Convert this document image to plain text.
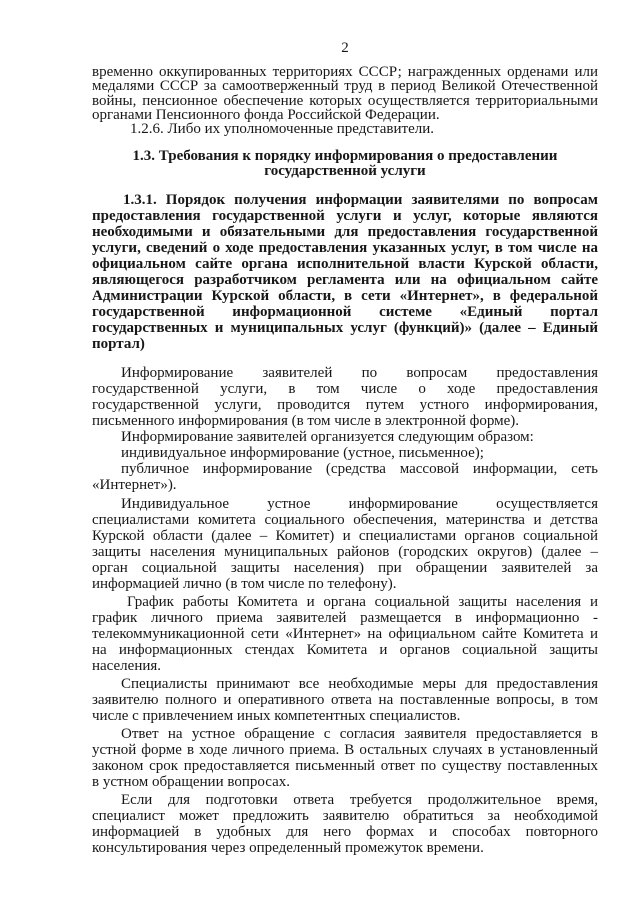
2
временно оккупированных территориях СССР; награжденных орденами или
медалями СССР за самоотверженный труд в период Великой Отечественной
войны, пенсионное обеспечение которых осуществляется территориальными
органами Пенсионного фонда Российской Федерации.
1.2.6. Либо их уполномоченные представители.
1.3. Требования к порядку информирования о предоставлении
государственной услуги
1.3.1. Порядок получения информации заявителями по вопросам
предоставления государственной услуги и услуг, которые являются
необходимыми и обязательными для предоставления государственной
услуги, сведений о ходе предоставления указанных услуг, в том числе на
официальном сайте органа исполнительной власти Курской области,
являющегося разработчиком регламента или на официальном сайте
Администрации Курской области, в сети «Интернет», в федеральной
государственной информационной системе «Единый портал
государственных и муниципальных услуг (функций)» (далее – Единый
портал)
Информирование заявителей по вопросам предоставления
государственной услуги, в том числе о ходе предоставления
государственной услуги, проводится путем устного информирования,
письменного информирования (в том числе в электронной форме).
Информирование заявителей организуется следующим образом:
индивидуальное информирование (устное, письменное);
публичное информирование (средства массовой информации, сеть
«Интернет»).
Индивидуальное устное информирование осуществляется
специалистами комитета социального обеспечения, материнства и детства
Курской области (далее – Комитет) и специалистами органов социальной
защиты населения муниципальных районов (городских округов) (далее –
орган социальной защиты населения) при обращении заявителей за
информацией лично (в том числе по телефону).
График работы Комитета и органа социальной защиты населения и
график личного приема заявителей размещается в информационно -
телекоммуникационной сети «Интернет» на официальном сайте Комитета и
на информационных стендах Комитета и органов социальной защиты
населения.
Специалисты принимают все необходимые меры для предоставления
заявителю полного и оперативного ответа на поставленные вопросы, в том
числе с привлечением иных компетентных специалистов.
Ответ на устное обращение с согласия заявителя предоставляется в
устной форме в ходе личного приема. В остальных случаях в установленный
законом срок предоставляется письменный ответ по существу поставленных
в устном обращении вопросах.
Если для подготовки ответа требуется продолжительное время,
специалист может предложить заявителю обратиться за необходимой
информацией в удобных для него формах и способах повторного
консультирования через определенный промежуток времени.
